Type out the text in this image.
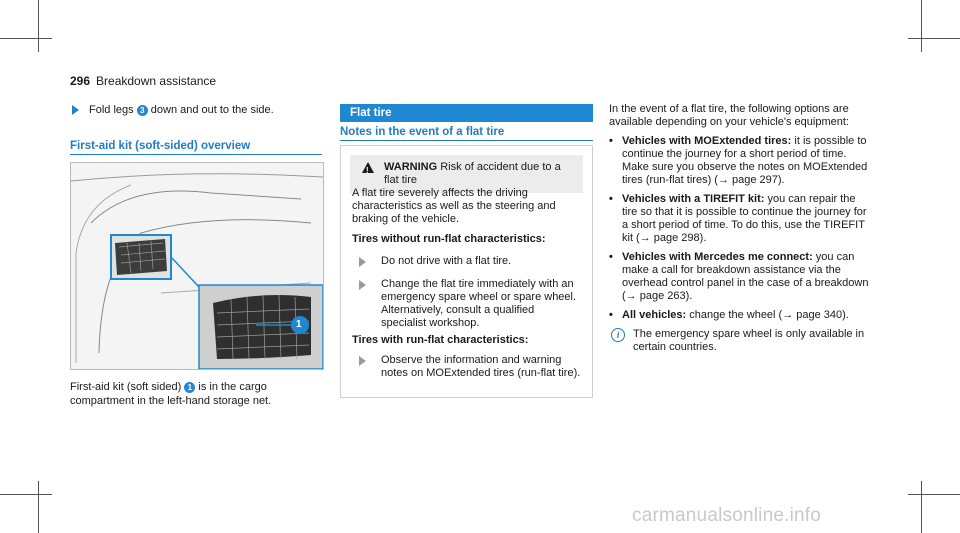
296 Breakdown assistance
Fold legs 3 down and out to the side.
First-aid kit (soft-sided) overview
1
First-aid kit (soft sided) 1 is in the cargo compartment in the left-hand storage net.
Flat tire
Notes in the event of a flat tire
!
WARNING Risk of accident due to a flat tire
A flat tire severely affects the driving characteristics as well as the steering and braking of the vehicle.
Tires without run-flat characteristics:
Do not drive with a flat tire.
Change the flat tire immediately with an emergency spare wheel or spare wheel. Alternatively, consult a qualified specialist workshop.
Tires with run-flat characteristics:
Observe the information and warning notes on MOExtended tires (run-flat tire).

In the event of a flat tire, the following options are available depending on your vehicle's equipment:

• Vehicles with MOExtended tires: it is possible to continue the journey for a short period of time. Make sure you observe the notes on MOExtended tires (run-flat tires) (→ page 297).
• Vehicles with a TIREFIT kit: you can repair the tire so that it is possible to continue the journey for a short period of time. To do this, use the TIREFIT kit (→ page 298).
• Vehicles with Mercedes me connect: you can make a call for breakdown assistance via the overhead control panel in the case of a breakdown (→ page 263).
• All vehicles: change the wheel (→ page 340).
i	The emergency spare wheel is only available in certain countries.
carmanualsonline.info
